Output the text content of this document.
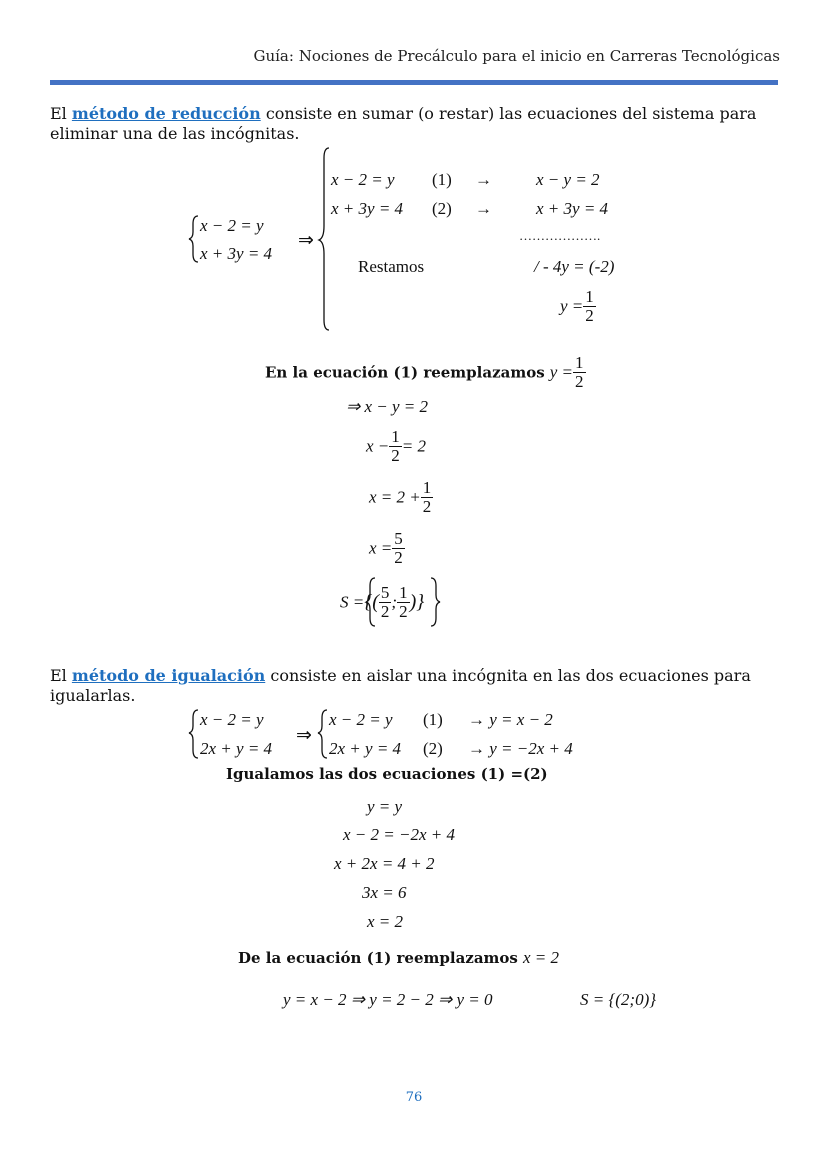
Guía: Nociones de Precálculo para el inicio en Carreras Tecnológicas
El método de reducción consiste en sumar (o restar) las ecuaciones del sistema para eliminar una de las incógnitas.
x − 2 = y
x + 3y = 4
⇒
x − 2 = y (1) →	x − y = 2
x + 3y = 4 (2) →	x + 3y = 4
……………….
Restamos	/ - 4y = (-2)
$y = \frac{1}{2}$
En la ecuación (1) reemplazamos $y = \frac{1}{2}$
⇒ x − y = 2
$x - \frac{1}{2} = 2$
$x = 2 + \frac{1}{2}$
$x = \frac{5}{2}$
S ={( $\frac{5}{2}$ ; $\frac{1}{2}$ )}
El método de igualación consiste en aislar una incógnita en las dos ecuaciones para igualarlas.
x − 2 = y
2x + y = 4
⇒
x − 2 = y (1) → y = x − 2
2x + y = 4 (2) → y = −2x + 4
Igualamos las dos ecuaciones (1) =(2)
y = y
x − 2 = −2x + 4
x + 2x = 4 + 2
3x = 6
x = 2
De la ecuación (1) reemplazamos x = 2
y = x − 2 ⇒ y = 2 − 2 ⇒ y = 0	S = {(2;0)}
76
